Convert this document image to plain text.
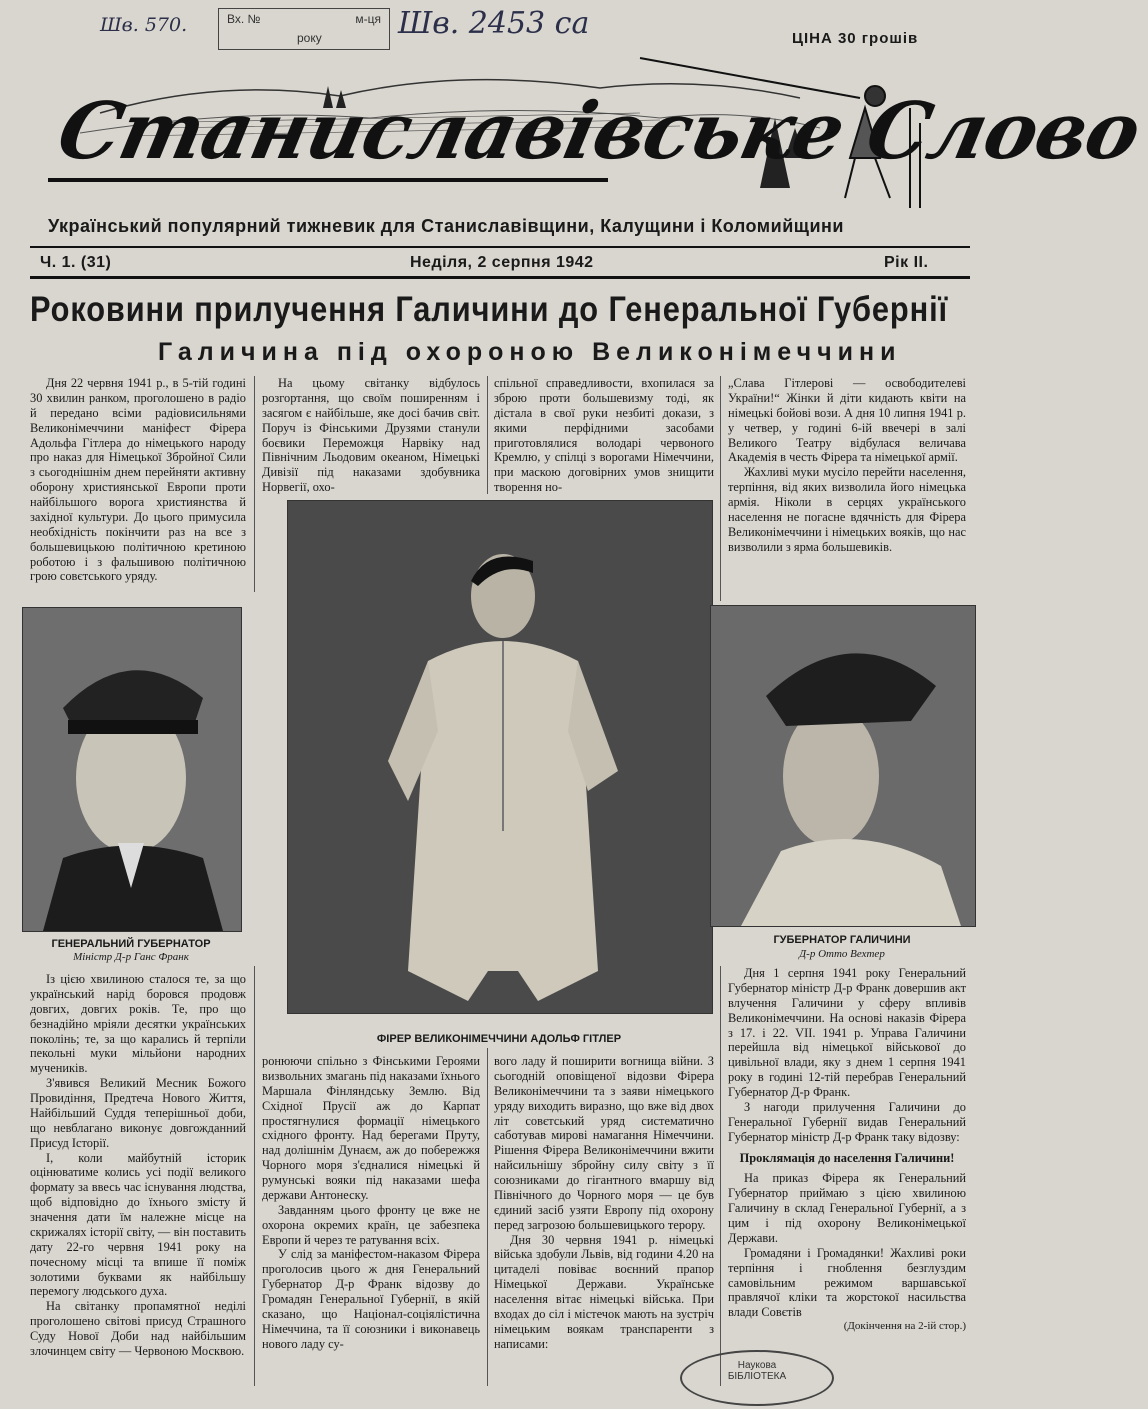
Шв. 570.	Вх. №	м-ця
року	Шв. 2453 са	ЦІНА 30 грошів
Станиславівське Слово
Український популярний тижневик для Станиславівщини, Калущини і Коломийщини
Ч. 1. (31)	Неділя, 2 серпня 1942	Рік II.
Роковини прилучення Галичини до Генеральної Губернії
Галичина під охороною Великонімеччини

Дня 22 червня 1941 р., в 5-тій годині 30 хвилин ранком, проголошено в радіо й передано всіми радіовисильнями Великонімеччини маніфест Фірера Адольфа Гітлера до німецького народу про наказ для Німецької Збройної Сили з сьогоднішнім днем перейняти активну оборону християнської Европи проти найбільшого ворога християнства й західної культури. До цього примусила необхідність покінчити раз на все з большевицькою політичною кретиною роботою і з фальшивою політичною грою совєтського уряду.

На цьому світанку відбулось розгортання, що своїм поширенням і засягом є найбільше, яке досі бачив світ. Поруч із Фінськими Друзями станули боєвики Переможця Нарвіку над Північним Льодовим океаном, Німецькі Дивізії під наказами здобувника Норвегії, охо-

спільної справедливости, вхопилася за зброю проти большевизму тоді, як дістала в свої руки незбиті докази, з якими перфідними засобами приготовлялися володарі червоного Кремлю, у спілці з ворогами Німеччини, при маскою договірних умов знищити творення но-

„Слава Гітлерові — освободителеві України!“ Жінки й діти кидають квіти на німецькі бойові вози. А дня 10 липня 1941 р. у четвер, у годині 6-ій ввечері в залі Великого Театру відбулася величава Академія в честь Фірера та німецької армії.

Жахливі муки мусіло перейти населення, терпіння, від яких визволила його німецька армія. Ніколи в серцях українського населення не погасне вдячність для Фірера Великонімеччини і німецьких вояків, що нас визволили з ярма большевиків.

ГЕНЕРАЛЬНИЙ ГУБЕРНАТОР
Міністр Д-р Ганс Франк
ФІРЕР ВЕЛИКОНІМЕЧЧИНИ АДОЛЬФ ГІТЛЕР
ГУБЕРНАТОР ГАЛИЧИНИ
Д-р Отто Вехтер

Із цією хвилиною сталося те, за що український нарід боровся продовж довгих, довгих років. Те, про що безнадійно мріяли десятки українських поколінь; те, за що карались й терпіли пекольні муки мільйони народних мучеників.

З'явився Великий Месник Божого Провидіння, Предтеча Нового Життя, Найбільший Суддя теперішньої доби, що невблагано виконує довгожданний Присуд Історії.

І, коли майбутній історик оцінюватиме колись усі події великого формату за ввесь час існування людства, щоб відповідно до їхнього змісту й значення дати їм належне місце на скрижалях історії світу, — він поставить дату 22-го червня 1941 року на почесному місці та впише її поміж золотими буквами як найбільшу перемогу людського духа.

На світанку пропамятної неділі проголошено світові присуд Страшного Суду Нової Доби над найбільшим злочинцем світу — Червоною Москвою.

ронюючи спільно з Фінськими Героями визвольних змагань під наказами їхнього Маршала Фінляндську Землю. Від Східної Прусії аж до Карпат простягнулися формації німецького східного фронту. Над берегами Пруту, над долішнім Дунаєм, аж до побережжя Чорного моря з'єдналися німецькі й румунські вояки під наказами шефа держави Антонеску.

Завданням цього фронту це вже не охорона окремих країн, це забезпека Европи й через те ратування всіх.

У слід за маніфестом-наказом Фірера проголосив цього ж дня Генеральний Губернатор Д-р Франк відозву до Громадян Генеральної Губернії, в якій сказано, що Націонал-соціялістична Німеччина, та її союзники і виконавець нового ладу су-

вого ладу й поширити вогнища війни. З сьогодній оповіщеної відозви Фірера Великонімеччини та з заяви німецького уряду виходить виразно, що вже від двох літ совєтський уряд систематично саботував мирові намагання Німеччини. Рішення Фірера Великонімеччини вжити найсильнішу збройну силу світу з її союзниками до гігантного вмаршу від Північного до Чорного моря — це був єдиний засіб узяти Европу під охорону перед загрозою большевицького терору.

Дня 30 червня 1941 р. німецькі війська здобули Львів, від години 4.20 на цитаделі повіває воєнний прапор Німецької Держави. Українське населення вітає німецькі війська. При входах до сіл і містечок мають на зустріч німецьким воякам транспаренти з написами:

Дня 1 серпня 1941 року Генеральний Губернатор міністр Д-р Франк довершив акт влучення Галичини у сферу впливів Великонімеччини. На основі наказів Фірера з 17. і 22. VII. 1941 р. Управа Галичини перейшла від німецької військової до цивільної влади, яку з днем 1 серпня 1941 року в годині 12-тій перебрав Генеральний Губернатор Д-р Франк.

З нагоди прилучення Галичини до Генеральної Губернії видав Генеральний Губернатор міністр Д-р Франк таку відозву:

Проклямація до населення Галичини!

На приказ Фірера як Генеральний Губернатор приймаю з цією хвилиною Галичину в склад Генеральної Губернії, а з цим і під охорону Великонімецької Держави.

Громадяни і Громадянки! Жахливі роки терпіння і гноблення безглуздим самовільним режимом варшавської правлячої кліки та жорстокої насильства влади Совєтів

(Докінчення на 2-ій стор.)

Наукова
БІБЛІОТЕКА
